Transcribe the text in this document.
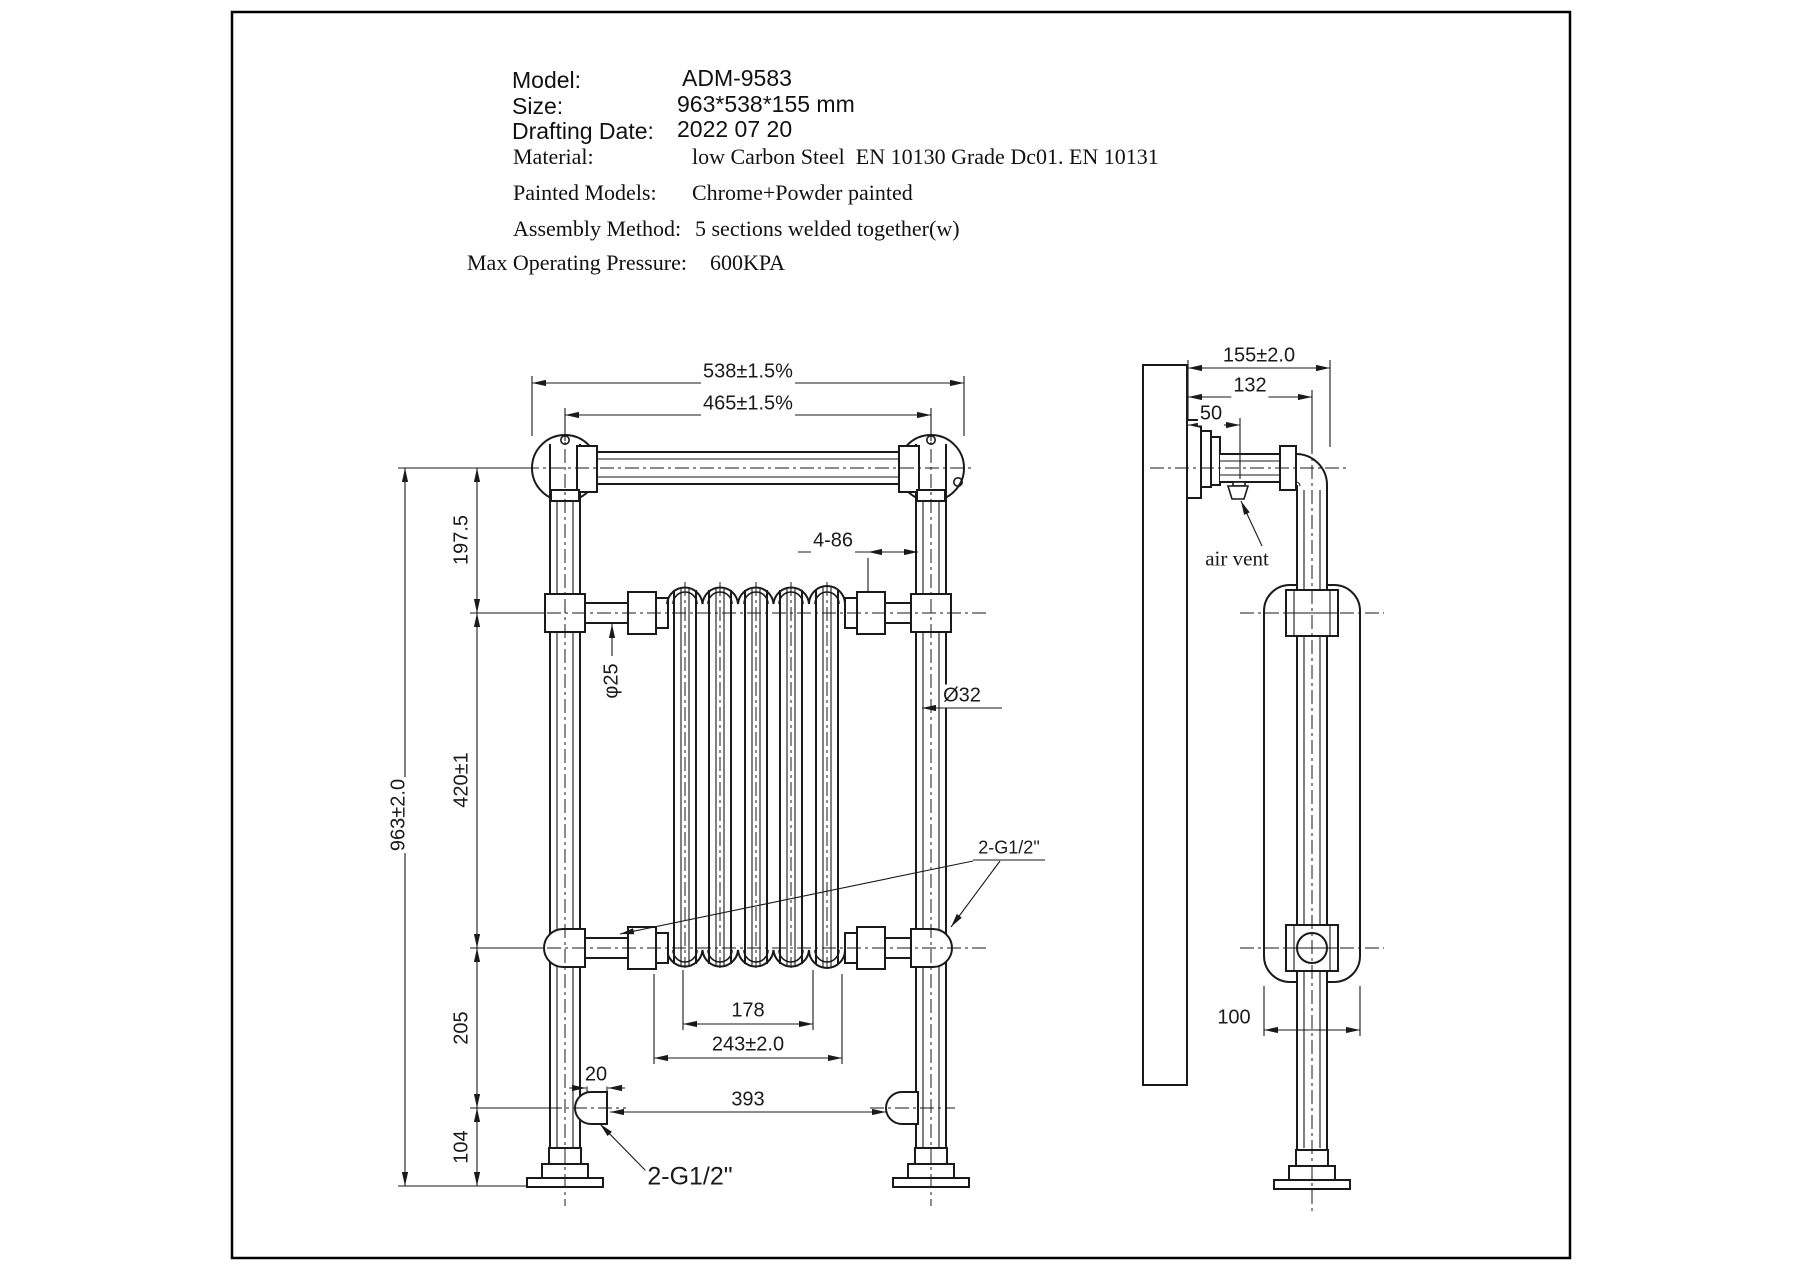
Model:	ADM-9583
Size:	963*538*155 mm
Drafting Date: 2022 07 20
Material:	low Carbon Steel  EN 10130 Grade Dc01. EN 10131
Painted Models: Chrome+Powder painted
Assembly Method: 5 sections welded together(w)
Max Operating Pressure: 600KPA
538±1.5%
465±1.5%
197.5
963±2.0 420±1
205
104
4-86
φ25	Ø32
2-G1/2"
178
243±2.0
20
393
2-G1/2"
155±2.0
132
50
air vent
100
